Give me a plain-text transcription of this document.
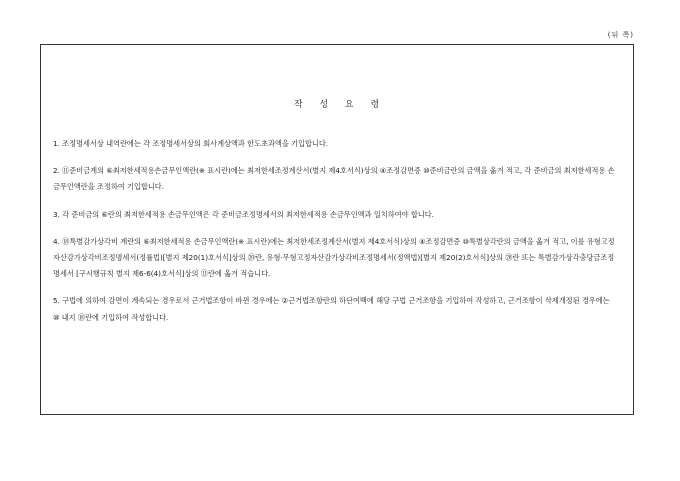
(뒤 쪽)
작 성 요 령

1. 조정명세서상 내역란에는 각 조정명세서상의 회사계상액과 한도초과액을 기입합니다.

2. ⑪준비금계의 ⑥최저한세적용손금무인액란(※ 표시란)에는 최저한세조정계산서(별지 제4호서식)상의 ④조정감면증 ⑩준비금란의 금액을 옮겨 적고, 각 준비금의 최저한세적용 손금무인액란을 조정하여 기입합니다.

3. 각 준비금의 ⑥란의 최저한세적용 손금무인액은 각 준비금조정명세서의 최저한세적용 손금무인액과 일치하여야 합니다.

4. ⑱특별감가상각비 계란의 ⑥최저한세적용 손금무인액란(※ 표시란)에는 최저한세조정계산서(별지 제4호서식)상의 ④조정감면증 ⑩특별상각란의 금액을 옮겨 적고, 이를 유형고정자산감가상각비조정명세서(정률법)[별지 제20(1)호서식]상의 ⑳란, 유형·무형고정자산감가상각비조정명세서(정액법)[별지 제20(2)호서식]상의 ⑳란 또는 특별감가상각충당금조정명세서 [구시행규칙 별지 제6-6(4)호서식]상의 ⑪란에 옮겨 적습니다.

5. 구법에 의하여 감면이 계속되는 경우로서 근거법조항이 바뀐 경우에는 ②근거법조항란의 하단여백에 해당 구법 근거조항을 기입하여 작성하고, 근거조항이 삭제개정된 경우에는 ⑩ 내지 ⑱란에 기입하여 작성합니다.
